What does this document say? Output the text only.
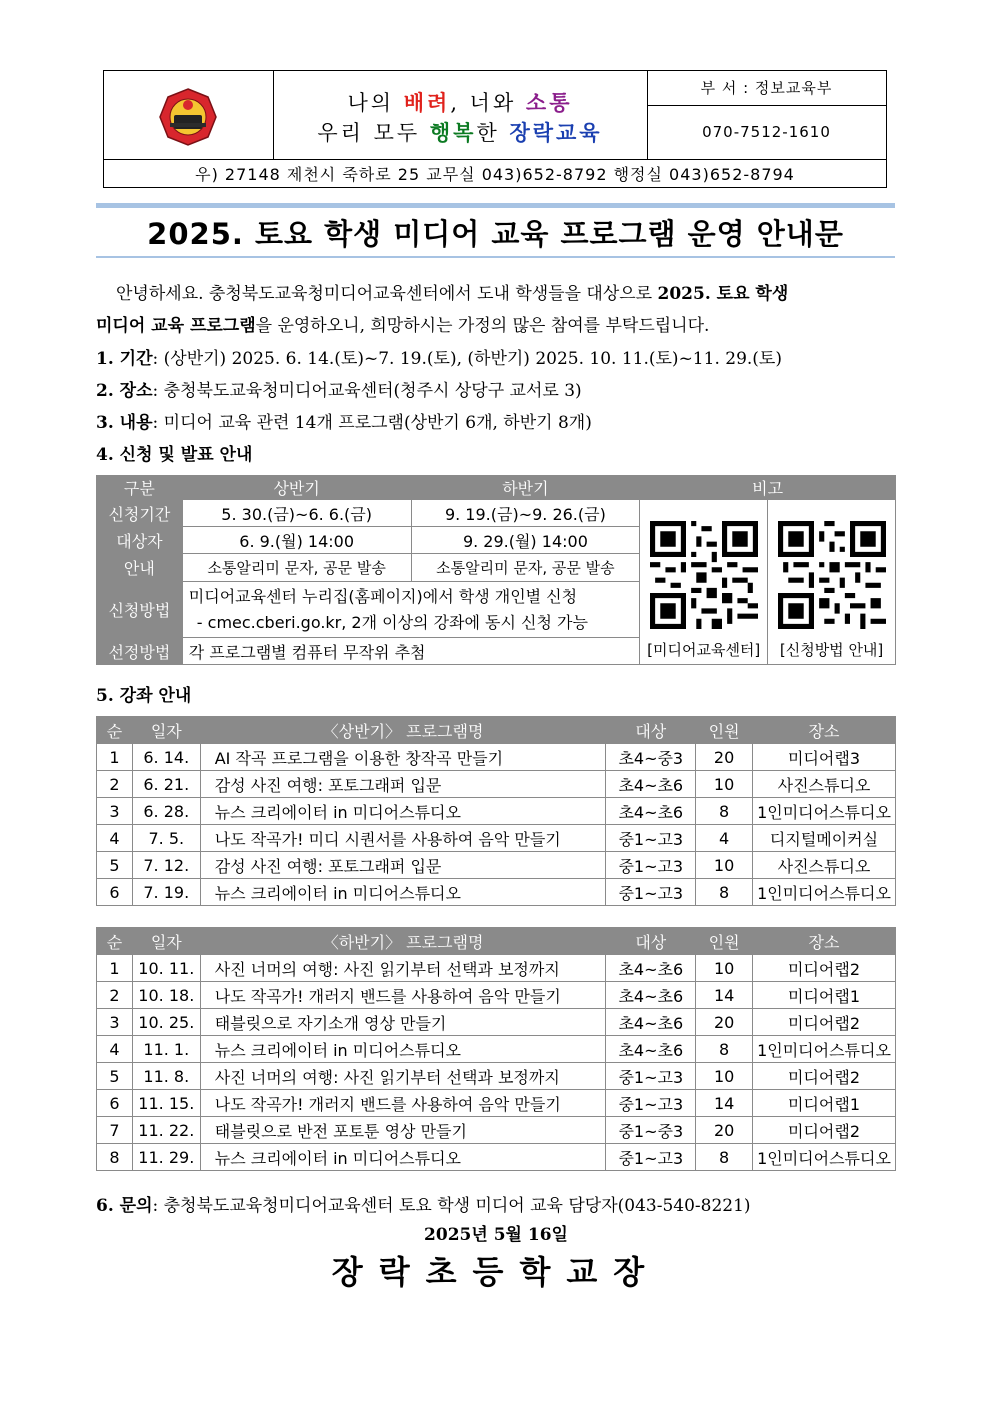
나의 배려, 너와 소통
우리 모두 행복한 장락교육
부 서 : 정보교육부
070-7512-1610
우) 27148 제천시 죽하로 25 교무실 043)652-8792 행정실 043)652-8794
2025. 토요 학생 미디어 교육 프로그램 운영 안내문
안녕하세요. 충청북도교육청미디어교육센터에서 도내 학생들을 대상으로 2025. 토요 학생
미디어 교육 프로그램을 운영하오니, 희망하시는 가정의 많은 참여를 부탁드립니다.
1. 기간: (상반기) 2025. 6. 14.(토)~7. 19.(토), (하반기) 2025. 10. 11.(토)~11. 29.(토)
2. 장소: 충청북도교육청미디어교육센터(청주시 상당구 교서로 3)
3. 내용: 미디어 교육 관련 14개 프로그램(상반기 6개, 하반기 8개)
4. 신청 및 발표 안내
구분	상반기	하반기	비고	
신청기간	5. 30.(금)~6. 6.(금)	9. 19.(금)~9. 26.(금)	[미디어교육센터]	[신청방법 안내]

대상자	6. 9.(월) 14:00	9. 29.(월) 14:00		
안내	소통알리미 문자, 공문 발송	소통알리미 문자, 공문 발송		
신청방법	미디어교육센터 누리집(홈페이지)에서 학생 개인별 신청
- cmec.cberi.go.kr, 2개 이상의 강좌에 동시 신청 가능			

선정방법	각 프로그램별 컴퓨터 무작위 추첨			
5. 강좌 안내
순	일자	〈상반기〉 프로그램명	대상	인원	장소
1	6. 14.	AI 작곡 프로그램을 이용한 창작곡 만들기	초4~중3	20	미디어랩3
2	6. 21.	감성 사진 여행: 포토그래퍼 입문	초4~초6	10	사진스튜디오
3	6. 28.	뉴스 크리에이터 in 미디어스튜디오	초4~초6	8	1인미디어스튜디오
4	7. 5.	나도 작곡가! 미디 시퀀서를 사용하여 음악 만들기	중1~고3	4	디지털메이커실
5	7. 12.	감성 사진 여행: 포토그래퍼 입문	중1~고3	10	사진스튜디오
6	7. 19.	뉴스 크리에이터 in 미디어스튜디오	중1~고3	8	1인미디어스튜디오
순	일자	〈하반기〉 프로그램명	대상	인원	장소
1	10. 11.	사진 너머의 여행: 사진 읽기부터 선택과 보정까지	초4~초6	10	미디어랩2
2	10. 18.	나도 작곡가! 개러지 밴드를 사용하여 음악 만들기	초4~초6	14	미디어랩1
3	10. 25.	태블릿으로 자기소개 영상 만들기	초4~초6	20	미디어랩2
4	11. 1.	뉴스 크리에이터 in 미디어스튜디오	초4~초6	8	1인미디어스튜디오
5	11. 8.	사진 너머의 여행: 사진 읽기부터 선택과 보정까지	중1~고3	10	미디어랩2
6	11. 15.	나도 작곡가! 개러지 밴드를 사용하여 음악 만들기	중1~고3	14	미디어랩1
7	11. 22.	태블릿으로 반전 포토툰 영상 만들기	중1~중3	20	미디어랩2
8	11. 29.	뉴스 크리에이터 in 미디어스튜디오	중1~고3	8	1인미디어스튜디오
6. 문의: 충청북도교육청미디어교육센터 토요 학생 미디어 교육 담당자(043-540-8221)
2025년 5월 16일
장락초등학교장
